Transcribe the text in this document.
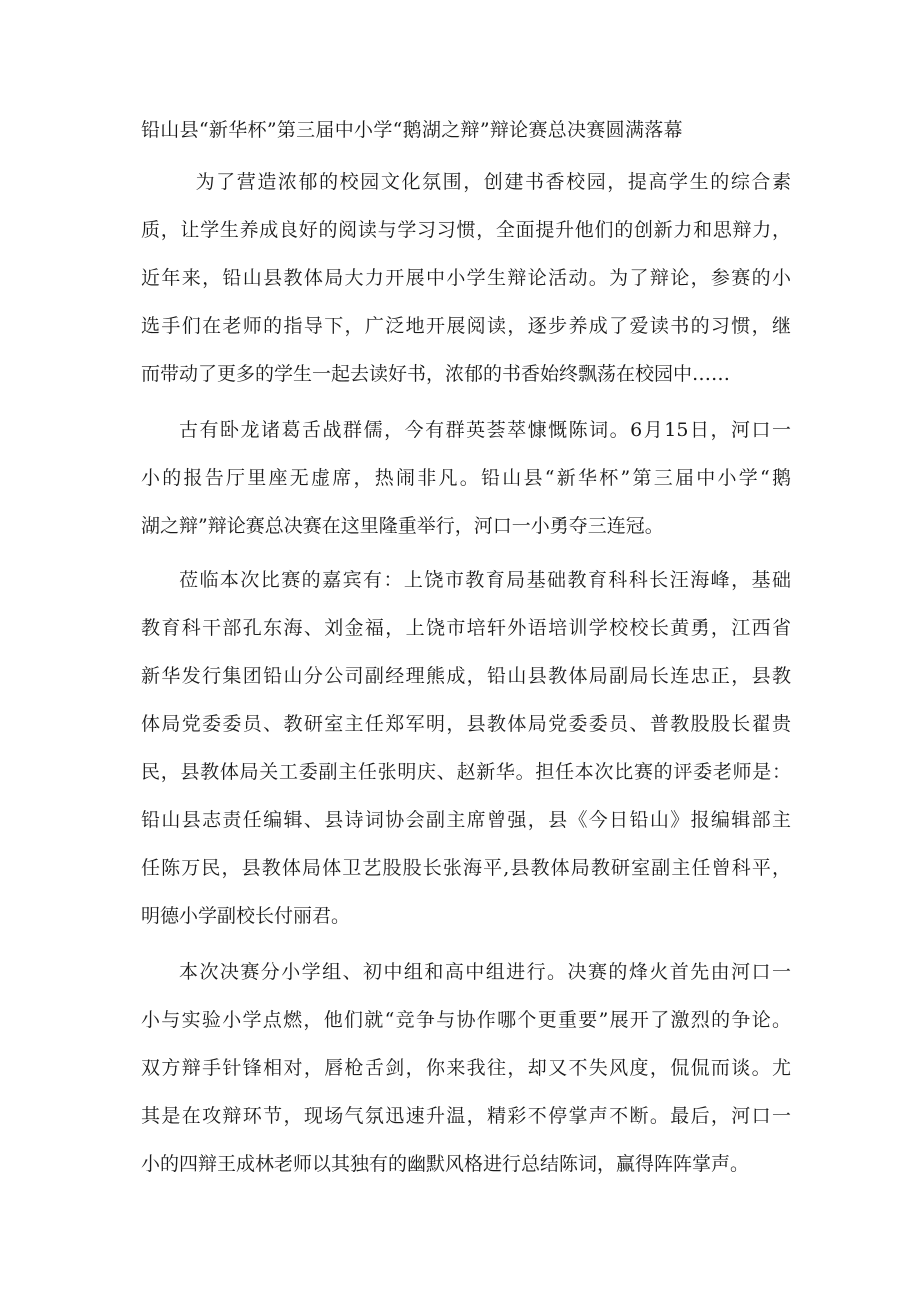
铅山县“新华杯”第三届中小学“鹅湖之辩”辩论赛总决赛圆满落幕

　为了营造浓郁的校园文化氛围，创建书香校园，提高学生的综合素

质，让学生养成良好的阅读与学习习惯，全面提升他们的创新力和思辩力，

近年来，铅山县教体局大力开展中小学生辩论活动。为了辩论，参赛的小

选手们在老师的指导下，广泛地开展阅读，逐步养成了爱读书的习惯，继

而带动了更多的学生一起去读好书，浓郁的书香始终飘荡在校园中……

古有卧龙诸葛舌战群儒，今有群英荟萃慷慨陈词。6月15日，河口一

小的报告厅里座无虚席，热闹非凡。铅山县“新华杯”第三届中小学“鹅

湖之辩”辩论赛总决赛在这里隆重举行，河口一小勇夺三连冠。

莅临本次比赛的嘉宾有：上饶市教育局基础教育科科长汪海峰，基础

教育科干部孔东海、刘金福，上饶市培轩外语培训学校校长黄勇，江西省

新华发行集团铅山分公司副经理熊成，铅山县教体局副局长连忠正，县教

体局党委委员、教研室主任郑军明，县教体局党委委员、普教股股长翟贵

民，县教体局关工委副主任张明庆、赵新华。担任本次比赛的评委老师是：

铅山县志责任编辑、县诗词协会副主席曾强，县《今日铅山》报编辑部主

任陈万民，县教体局体卫艺股股长张海平,县教体局教研室副主任曾科平，

明德小学副校长付丽君。

本次决赛分小学组、初中组和高中组进行。决赛的烽火首先由河口一

小与实验小学点燃，他们就“竞争与协作哪个更重要”展开了激烈的争论。

双方辩手针锋相对，唇枪舌剑，你来我往，却又不失风度，侃侃而谈。尤

其是在攻辩环节，现场气氛迅速升温，精彩不停掌声不断。最后，河口一

小的四辩王成林老师以其独有的幽默风格进行总结陈词，赢得阵阵掌声。
